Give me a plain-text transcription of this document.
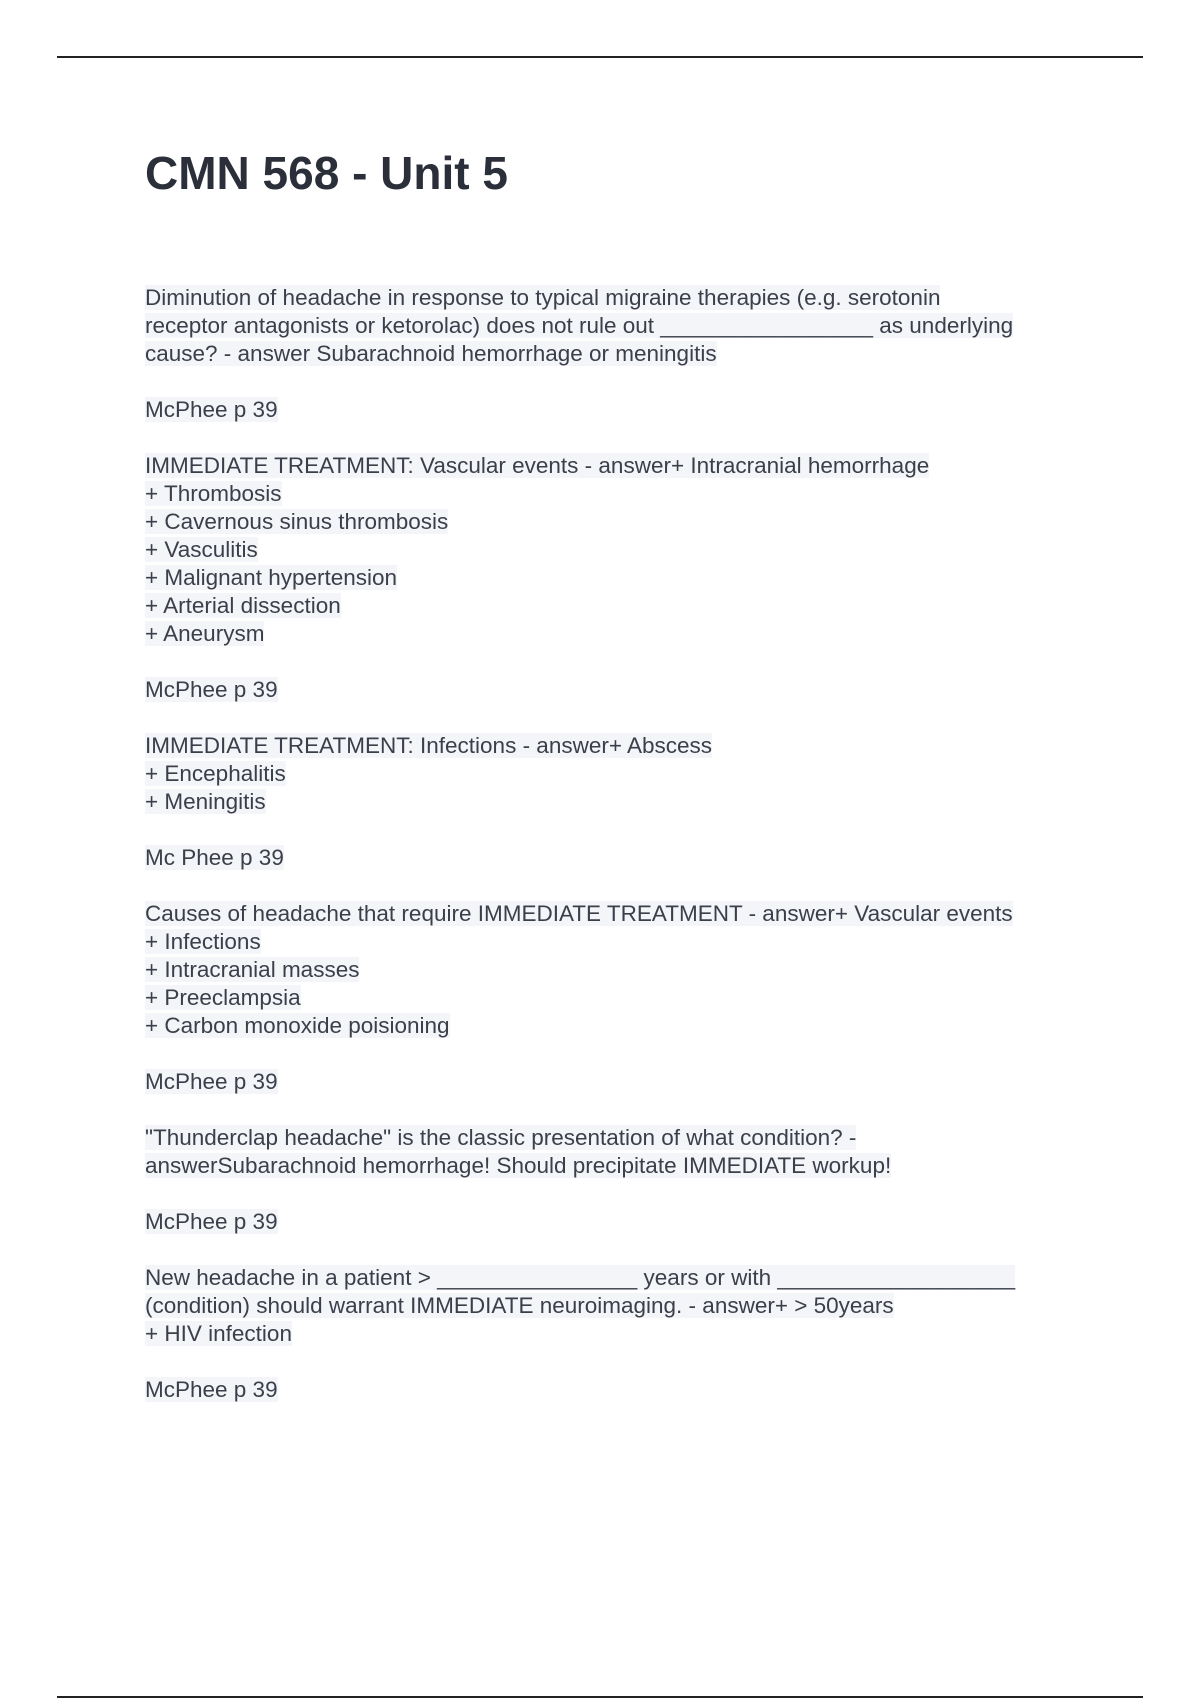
CMN 568 - Unit 5
Diminution of headache in response to typical migraine therapies (e.g. serotonin
receptor antagonists or ketorolac) does not rule out _________________ as underlying
cause? - answer Subarachnoid hemorrhage or meningitis
McPhee p 39
IMMEDIATE TREATMENT: Vascular events - answer+ Intracranial hemorrhage
+ Thrombosis
+ Cavernous sinus thrombosis
+ Vasculitis
+ Malignant hypertension
+ Arterial dissection
+ Aneurysm
McPhee p 39
IMMEDIATE TREATMENT: Infections - answer+ Abscess
+ Encephalitis
+ Meningitis
Mc Phee p 39
Causes of headache that require IMMEDIATE TREATMENT - answer+ Vascular events
+ Infections
+ Intracranial masses
+ Preeclampsia
+ Carbon monoxide poisioning
McPhee p 39
"Thunderclap headache" is the classic presentation of what condition? -
answerSubarachnoid hemorrhage! Should precipitate IMMEDIATE workup!
McPhee p 39
New headache in a patient > ________________ years or with ___________________
(condition) should warrant IMMEDIATE neuroimaging. - answer+ > 50years
+ HIV infection
McPhee p 39
